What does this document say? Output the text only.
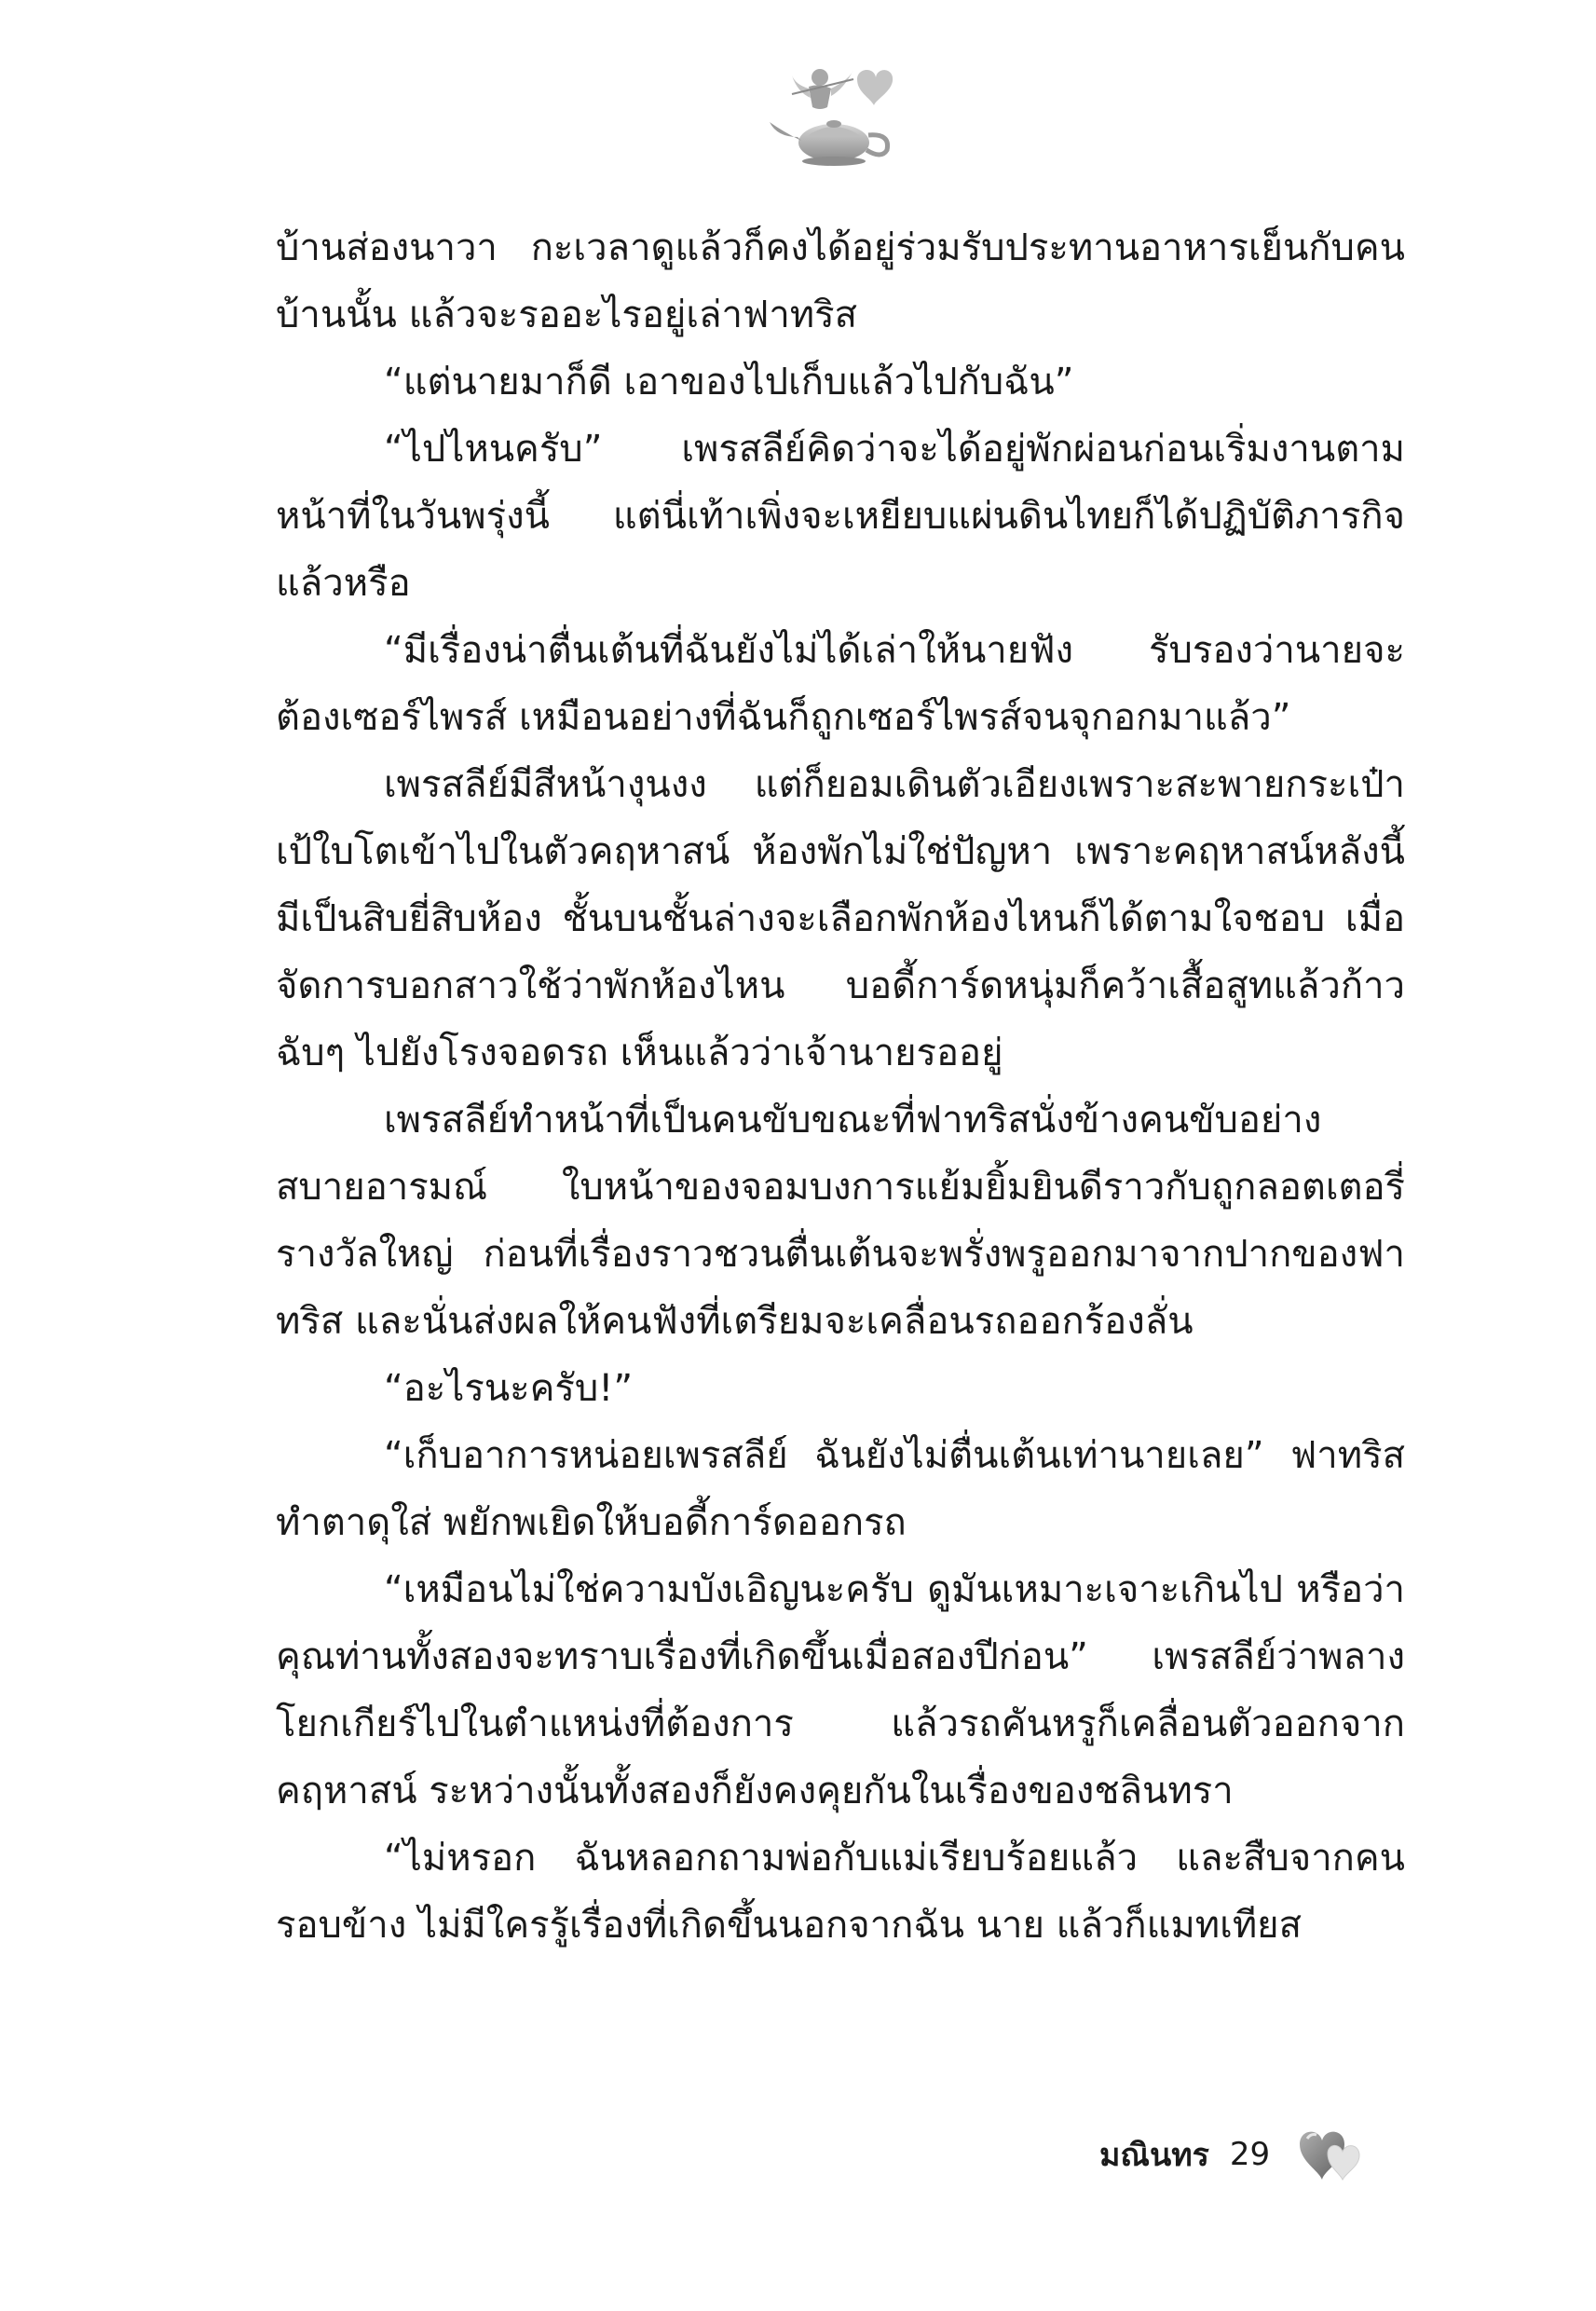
บ้านส่องนาวา กะเวลาดูแล้วก็คงได้อยู่ร่วมรับประทานอาหารเย็นกับคนบ้านนั้น แล้วจะรออะไรอยู่เล่าฟาทริส

“แต่นายมาก็ดี เอาของไปเก็บแล้วไปกับฉัน”

“ไปไหนครับ” เพรสลีย์คิดว่าจะได้อยู่พักผ่อนก่อนเริ่มงานตามหน้าที่ในวันพรุ่งนี้ แต่นี่เท้าเพิ่งจะเหยียบแผ่นดินไทยก็ได้ปฏิบัติภารกิจแล้วหรือ

“มีเรื่องน่าตื่นเต้นที่ฉันยังไม่ได้เล่าให้นายฟัง รับรองว่านายจะต้องเซอร์ไพรส์ เหมือนอย่างที่ฉันก็ถูกเซอร์ไพรส์จนจุกอกมาแล้ว”

เพรสลีย์มีสีหน้างุนงง แต่ก็ยอมเดินตัวเอียงเพราะสะพายกระเป๋าเป้ใบโตเข้าไปในตัวคฤหาสน์ ห้องพักไม่ใช่ปัญหา เพราะคฤหาสน์หลังนี้มีเป็นสิบยี่สิบห้อง ชั้นบนชั้นล่างจะเลือกพักห้องไหนก็ได้ตามใจชอบ เมื่อจัดการบอกสาวใช้ว่าพักห้องไหน บอดี้การ์ดหนุ่มก็คว้าเสื้อสูทแล้วก้าวฉับๆ ไปยังโรงจอดรถ เห็นแล้วว่าเจ้านายรออยู่

เพรสลีย์ทำหน้าที่เป็นคนขับขณะที่ฟาทริสนั่งข้างคนขับอย่างสบายอารมณ์ ใบหน้าของจอมบงการแย้มยิ้มยินดีราวกับถูกลอตเตอรี่รางวัลใหญ่ ก่อนที่เรื่องราวชวนตื่นเต้นจะพรั่งพรูออกมาจากปากของฟาทริส และนั่นส่งผลให้คนฟังที่เตรียมจะเคลื่อนรถออกร้องลั่น

“อะไรนะครับ!”

“เก็บอาการหน่อยเพรสลีย์ ฉันยังไม่ตื่นเต้นเท่านายเลย” ฟาทริสทำตาดุใส่ พยักพเยิดให้บอดี้การ์ดออกรถ

“เหมือนไม่ใช่ความบังเอิญนะครับ ดูมันเหมาะเจาะเกินไป หรือว่าคุณท่านทั้งสองจะทราบเรื่องที่เกิดขึ้นเมื่อสองปีก่อน” เพรสลีย์ว่าพลางโยกเกียร์ไปในตำแหน่งที่ต้องการ แล้วรถคันหรูก็เคลื่อนตัวออกจากคฤหาสน์ ระหว่างนั้นทั้งสองก็ยังคงคุยกันในเรื่องของชลินทรา

“ไม่หรอก ฉันหลอกถามพ่อกับแม่เรียบร้อยแล้ว และสืบจากคนรอบข้าง ไม่มีใครรู้เรื่องที่เกิดขึ้นนอกจากฉัน นาย แล้วก็แมทเทียส

มณินทร 29
